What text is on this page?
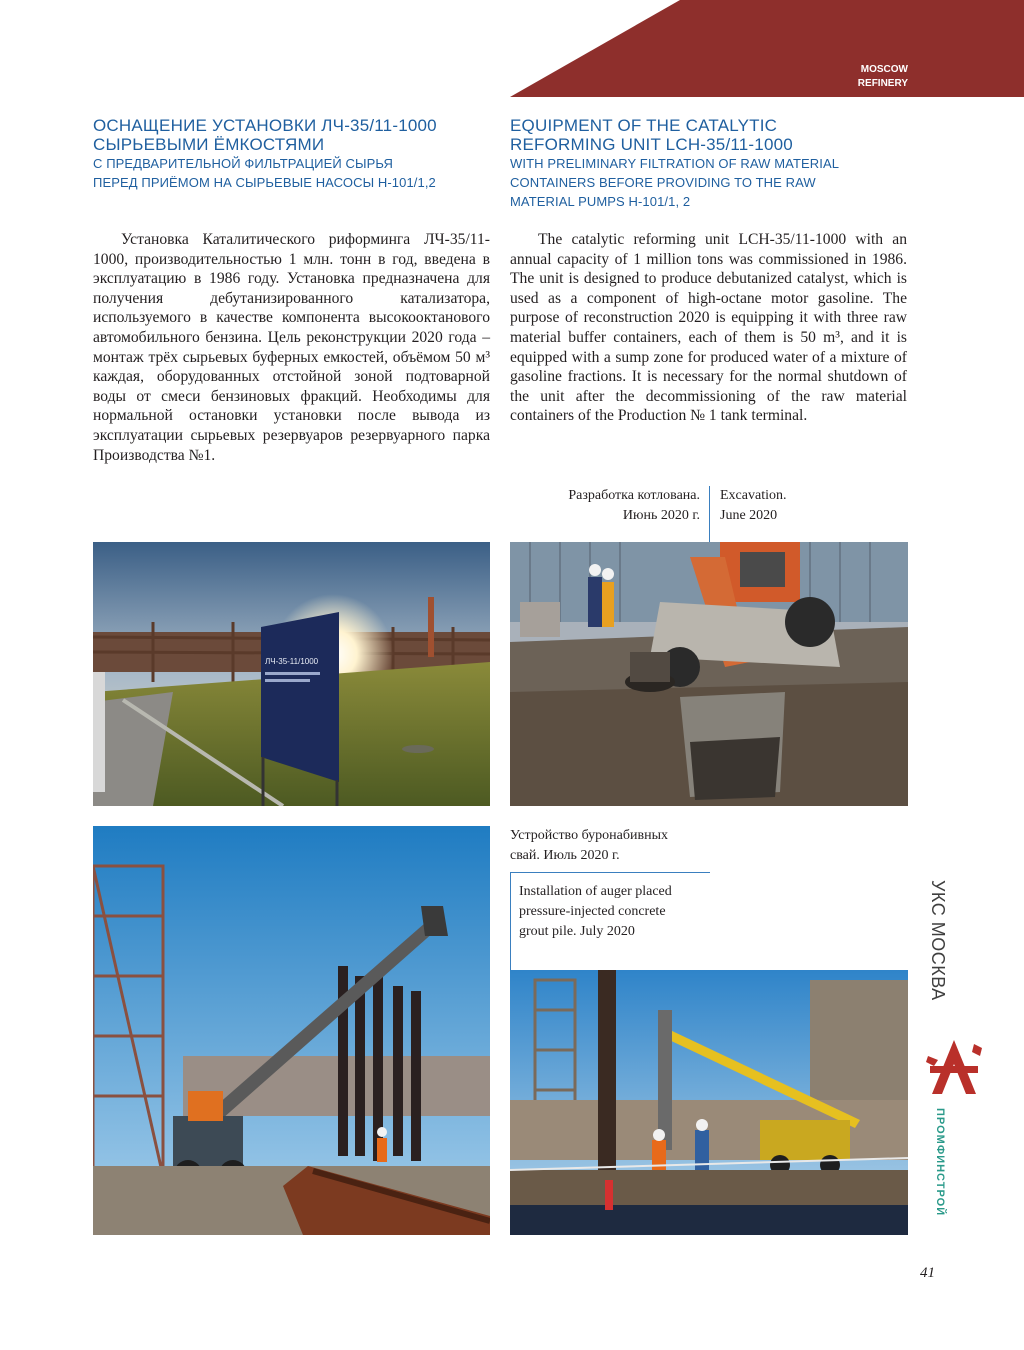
MOSCOW
REFINERY
ОСНАЩЕНИЕ УСТАНОВКИ ЛЧ-35/11-1000
СЫРЬЕВЫМИ ЁМКОСТЯМИ
С ПРЕДВАРИТЕЛЬНОЙ ФИЛЬТРАЦИЕЙ СЫРЬЯ
ПЕРЕД ПРИЁМОМ НА СЫРЬЕВЫЕ НАСОСЫ Н-101/1,2
EQUIPMENT OF THE CATALYTIC
REFORMING UNIT LCH-35/11-1000
WITH PRELIMINARY FILTRATION OF RAW MATERIAL
CONTAINERS BEFORE PROVIDING TO THE RAW
MATERIAL PUMPS H-101/1, 2

Установка Каталитического риформинга ЛЧ-35/11-1000, производительностью 1 млн. тонн в год, введена в эксплуатацию в 1986 году. Установка предназначена для получения дебутанизированного катализатора, используемого в качестве компонента высокооктанового автомобильного бензина. Цель реконструкции 2020 года – монтаж трёх сырьевых буферных емкостей, объёмом 50 м³ каждая, оборудованных отстойной зоной подтоварной воды от смеси бензиновых фракций. Необходимы для нормальной остановки установки после вывода из эксплуатации сырьевых резервуаров резервуарного парка Производства №1.

The catalytic reforming unit LCH-35/11-1000 with an annual capacity of 1 million tons was commissioned in 1986. The unit is designed to produce debutanized catalyst, which is used as a component of high-octane motor gasoline. The purpose of reconstruction 2020 is equipping it with three raw material buffer containers, each of them is 50 m³, and it is equipped with a sump zone for produced water of a mixture of gasoline fractions. It is necessary for the normal shutdown of the unit after the decommissioning of the raw material containers of the Production № 1 tank terminal.

Разработка котлована.
Июнь 2020 г.
Excavation.
June 2020
Устройство буронабивных
свай. Июль 2020 г.
Installation of auger placed
pressure-injected concrete
grout pile. July 2020
ЛЧ-35-11/1000
УКС МОСКВА
ПРОМФИНСТРОЙ
41
